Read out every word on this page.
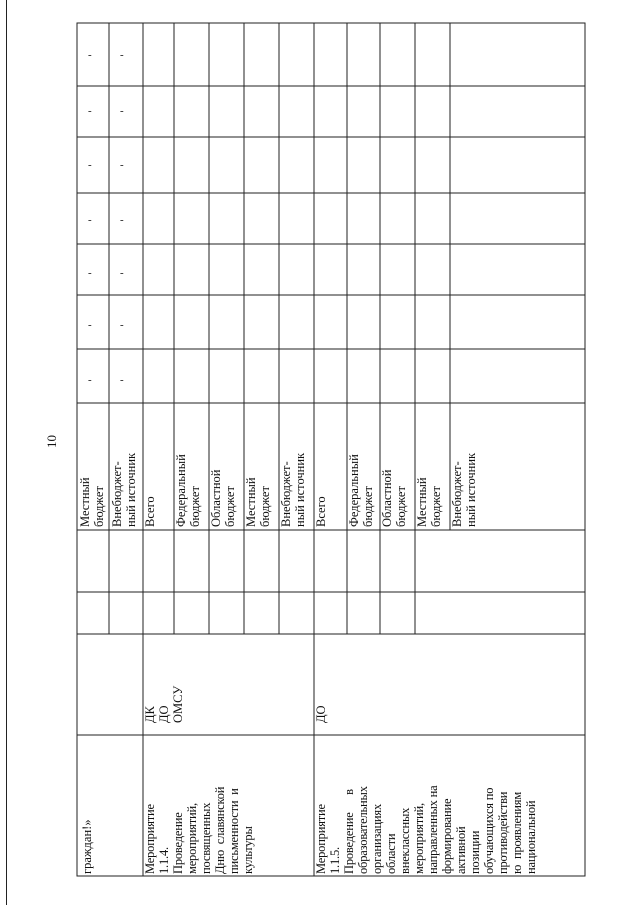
10
граждан!»	Мероприятие
1.1.4.
Проведение
мероприятий,
посвященных
Дню  славянской
письменности  и
культуры
ДК
ДО
ОМСУ
Мероприятие
1.1.5.
Проведение      в
образовательных
организациях
области
внеклассных
мероприятий,
направленных на
формирование
активной
позиции
обучающихся по
противодействи
ю  проявлениям
национальной
ДО
Местный
бюджет Внебюджет-
ный источник
Всего Федеральный
бюджет Областной
бюджет Местный
бюджет Внебюджет-
ный источник
Всего Федеральный
бюджет Областной
бюджет Местный
бюджет Внебюджет-
ный источник
-
-
-
-
-
-
-
-
-
-
-
-
-
-
